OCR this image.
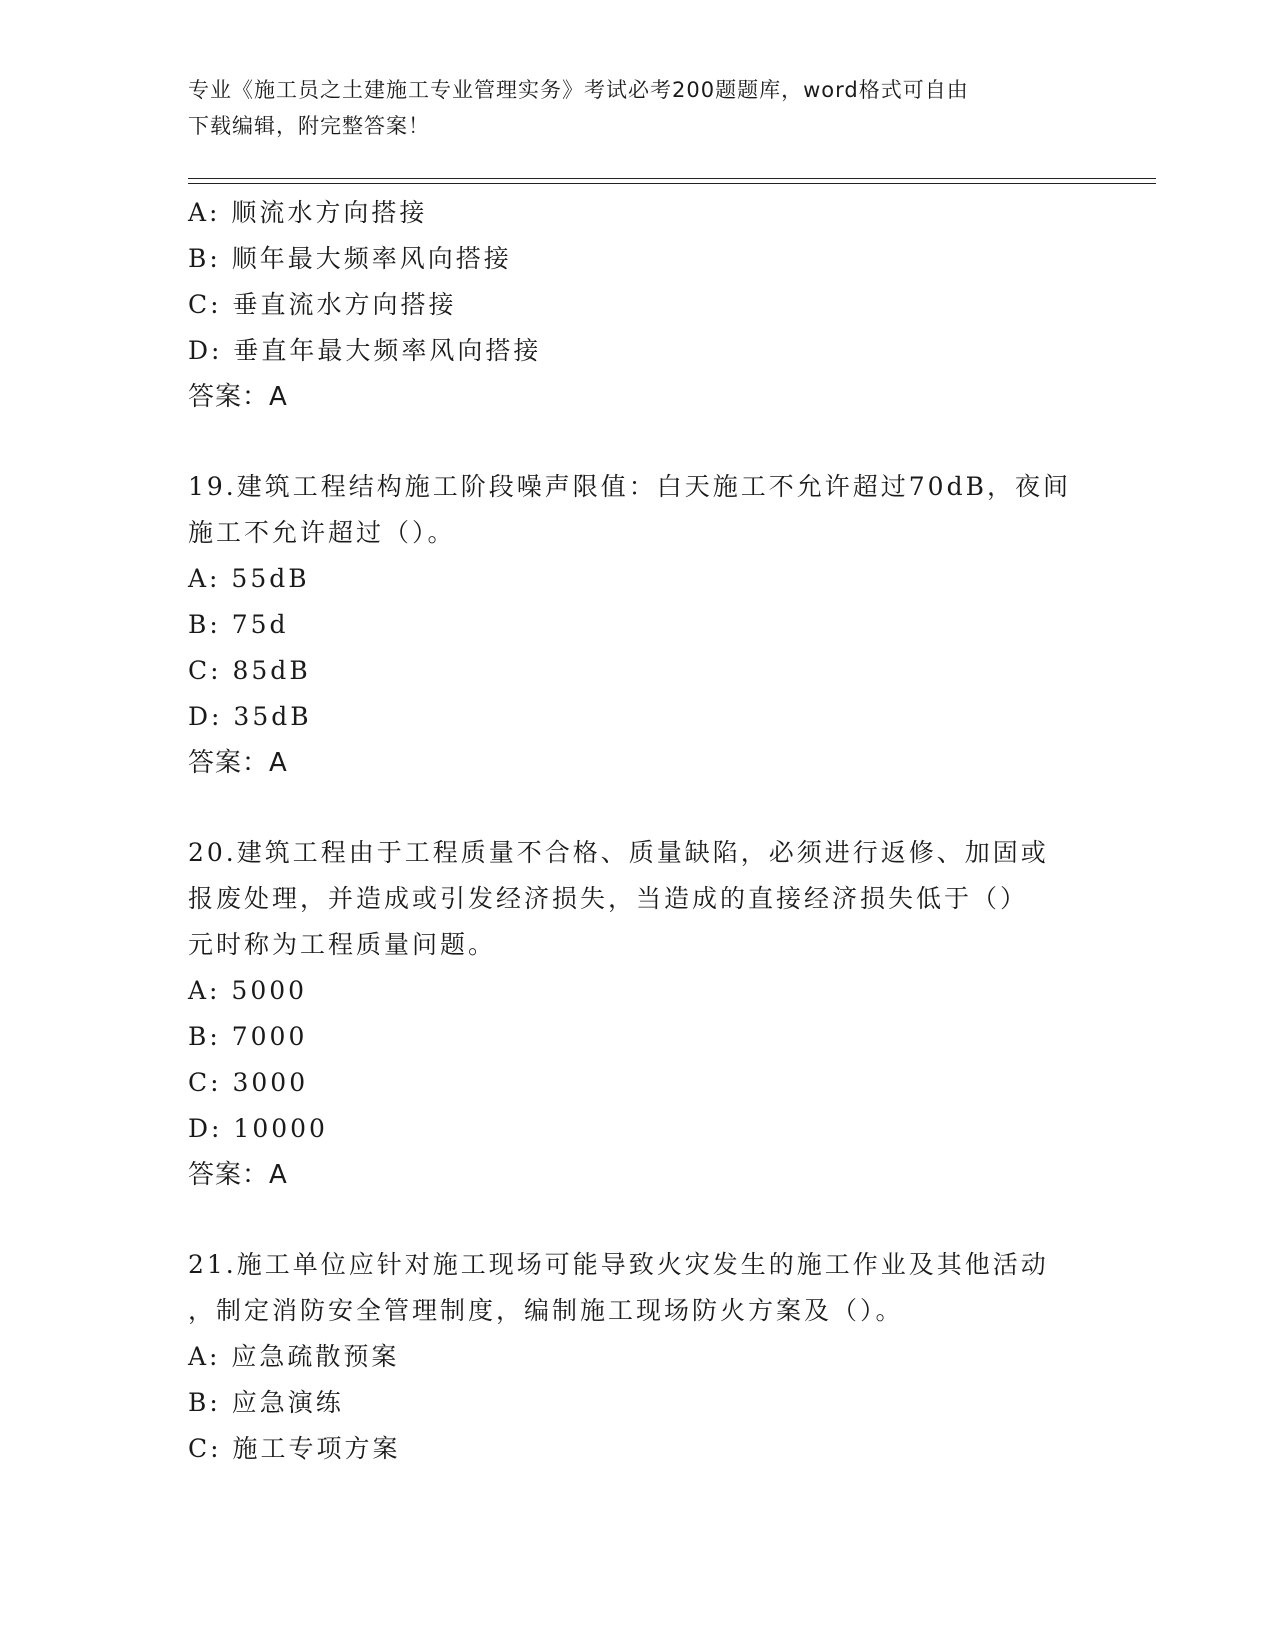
专业《施工员之土建施工专业管理实务》考试必考200题题库，word格式可自由
下载编辑，附完整答案！
A: 顺流水方向搭接
B: 顺年最大频率风向搭接
C: 垂直流水方向搭接
D: 垂直年最大频率风向搭接
答案：A
19.建筑工程结构施工阶段噪声限值：白天施工不允许超过70dB，夜间
施工不允许超过（）。
A: 55dB
B: 75d
C: 85dB
D: 35dB
答案：A
20.建筑工程由于工程质量不合格、质量缺陷，必须进行返修、加固或
报废处理，并造成或引发经济损失，当造成的直接经济损失低于（）
元时称为工程质量问题。
A: 5000
B: 7000
C: 3000
D: 10000
答案：A
21.施工单位应针对施工现场可能导致火灾发生的施工作业及其他活动
，制定消防安全管理制度，编制施工现场防火方案及（）。
A: 应急疏散预案
B: 应急演练
C: 施工专项方案
